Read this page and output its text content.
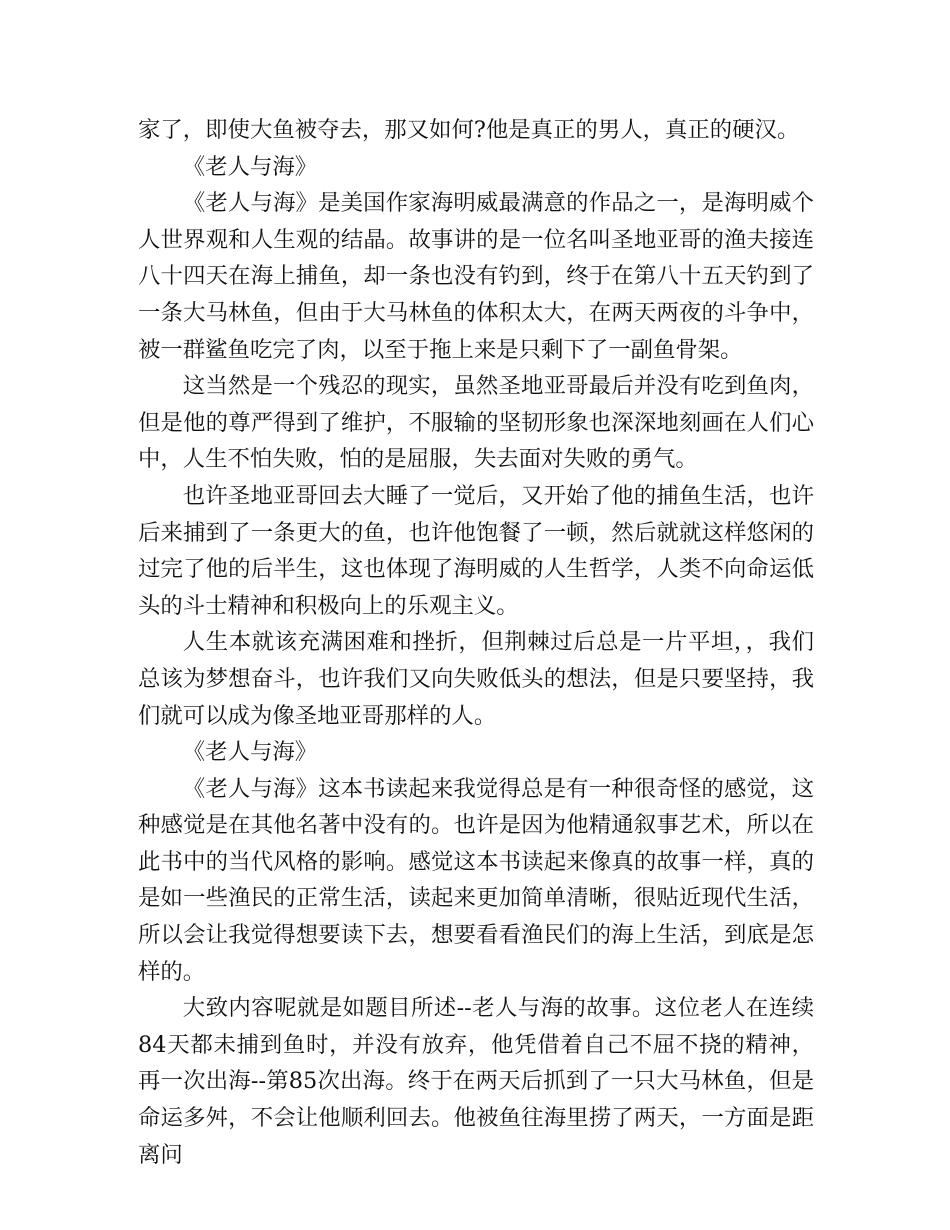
家了，即使大鱼被夺去，那又如何?他是真正的男人，真正的硬汉。

《老人与海》

《老人与海》是美国作家海明威最满意的作品之一，是海明威个人世界观和人生观的结晶。故事讲的是一位名叫圣地亚哥的渔夫接连八十四天在海上捕鱼，却一条也没有钓到，终于在第八十五天钓到了一条大马林鱼，但由于大马林鱼的体积太大，在两天两夜的斗争中，被一群鲨鱼吃完了肉，以至于拖上来是只剩下了一副鱼骨架。

这当然是一个残忍的现实，虽然圣地亚哥最后并没有吃到鱼肉，但是他的尊严得到了维护，不服输的坚韧形象也深深地刻画在人们心中，人生不怕失败，怕的是屈服，失去面对失败的勇气。

也许圣地亚哥回去大睡了一觉后，又开始了他的捕鱼生活，也许后来捕到了一条更大的鱼，也许他饱餐了一顿，然后就就这样悠闲的过完了他的后半生，这也体现了海明威的人生哲学，人类不向命运低头的斗士精神和积极向上的乐观主义。

人生本就该充满困难和挫折，但荆棘过后总是一片平坦，，我们总该为梦想奋斗，也许我们又向失败低头的想法，但是只要坚持，我们就可以成为像圣地亚哥那样的人。

《老人与海》

《老人与海》这本书读起来我觉得总是有一种很奇怪的感觉，这种感觉是在其他名著中没有的。也许是因为他精通叙事艺术，所以在此书中的当代风格的影响。感觉这本书读起来像真的故事一样，真的是如一些渔民的正常生活，读起来更加简单清晰，很贴近现代生活，所以会让我觉得想要读下去，想要看看渔民们的海上生活，到底是怎样的。

大致内容呢就是如题目所述--老人与海的故事。这位老人在连续84天都未捕到鱼时，并没有放弃，他凭借着自己不屈不挠的精神，再一次出海--第85次出海。终于在两天后抓到了一只大马林鱼，但是命运多舛，不会让他顺利回去。他被鱼往海里捞了两天，一方面是距离问
